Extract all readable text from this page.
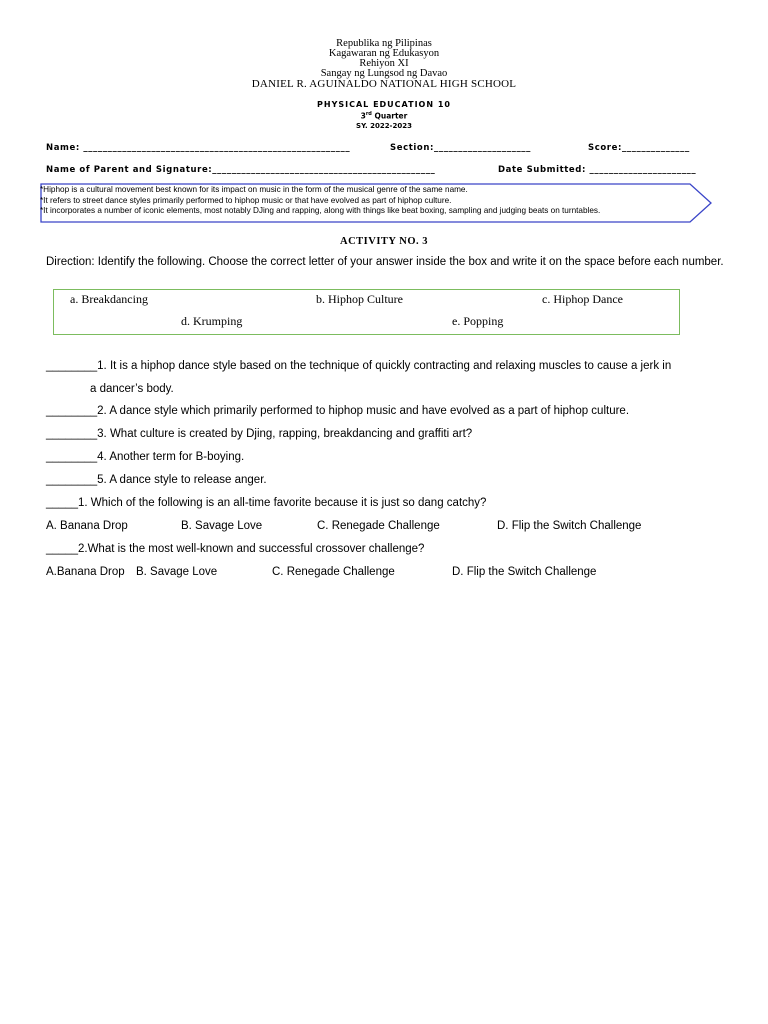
Republika ng Pilipinas
Kagawaran ng Edukasyon
Rehiyon XI
Sangay ng Lungsod ng Davao
DANIEL R. AGUINALDO NATIONAL HIGH SCHOOL
PHYSICAL EDUCATION 10
3rd Quarter
SY. 2022-2023
Name: _______________________________________________________	Section:____________________	Score:______________
Name of Parent and Signature:______________________________________________	Date Submitted: ______________________
*Hiphop is a cultural movement best known for its impact on music in the form of the musical genre of the same name.
*It refers to street dance styles primarily performed to hiphop music or that have evolved as part of hiphop culture.
*It incorporates a number of iconic elements, most notably DJing and rapping, along with things like beat boxing, sampling and judging beats on turntables.
ACTIVITY NO. 3
Direction: Identify the following. Choose the correct letter of your answer inside the box and write it on the space before each number.
a. Breakdancing	b. Hiphop Culture	c. Hiphop Dance
d. Krumping	e. Popping
________1. It is a hiphop dance style based on the technique of quickly contracting and relaxing muscles to cause a jerk in
a dancer’s body.
________2. A dance style which primarily performed to hiphop music and have evolved as a part of hiphop culture.
________3. What culture is created by Djing, rapping, breakdancing and graffiti art?
________4. Another term for B-boying.
________5. A dance style to release anger.
_____1. Which of the following is an all-time favorite because it is just so dang catchy?
A. Banana Drop	B. Savage Love	C. Renegade Challenge	D. Flip the Switch Challenge
_____2.What is the most well-known and successful crossover challenge?
A.Banana Drop B. Savage Love	C. Renegade Challenge	D. Flip the Switch Challenge
